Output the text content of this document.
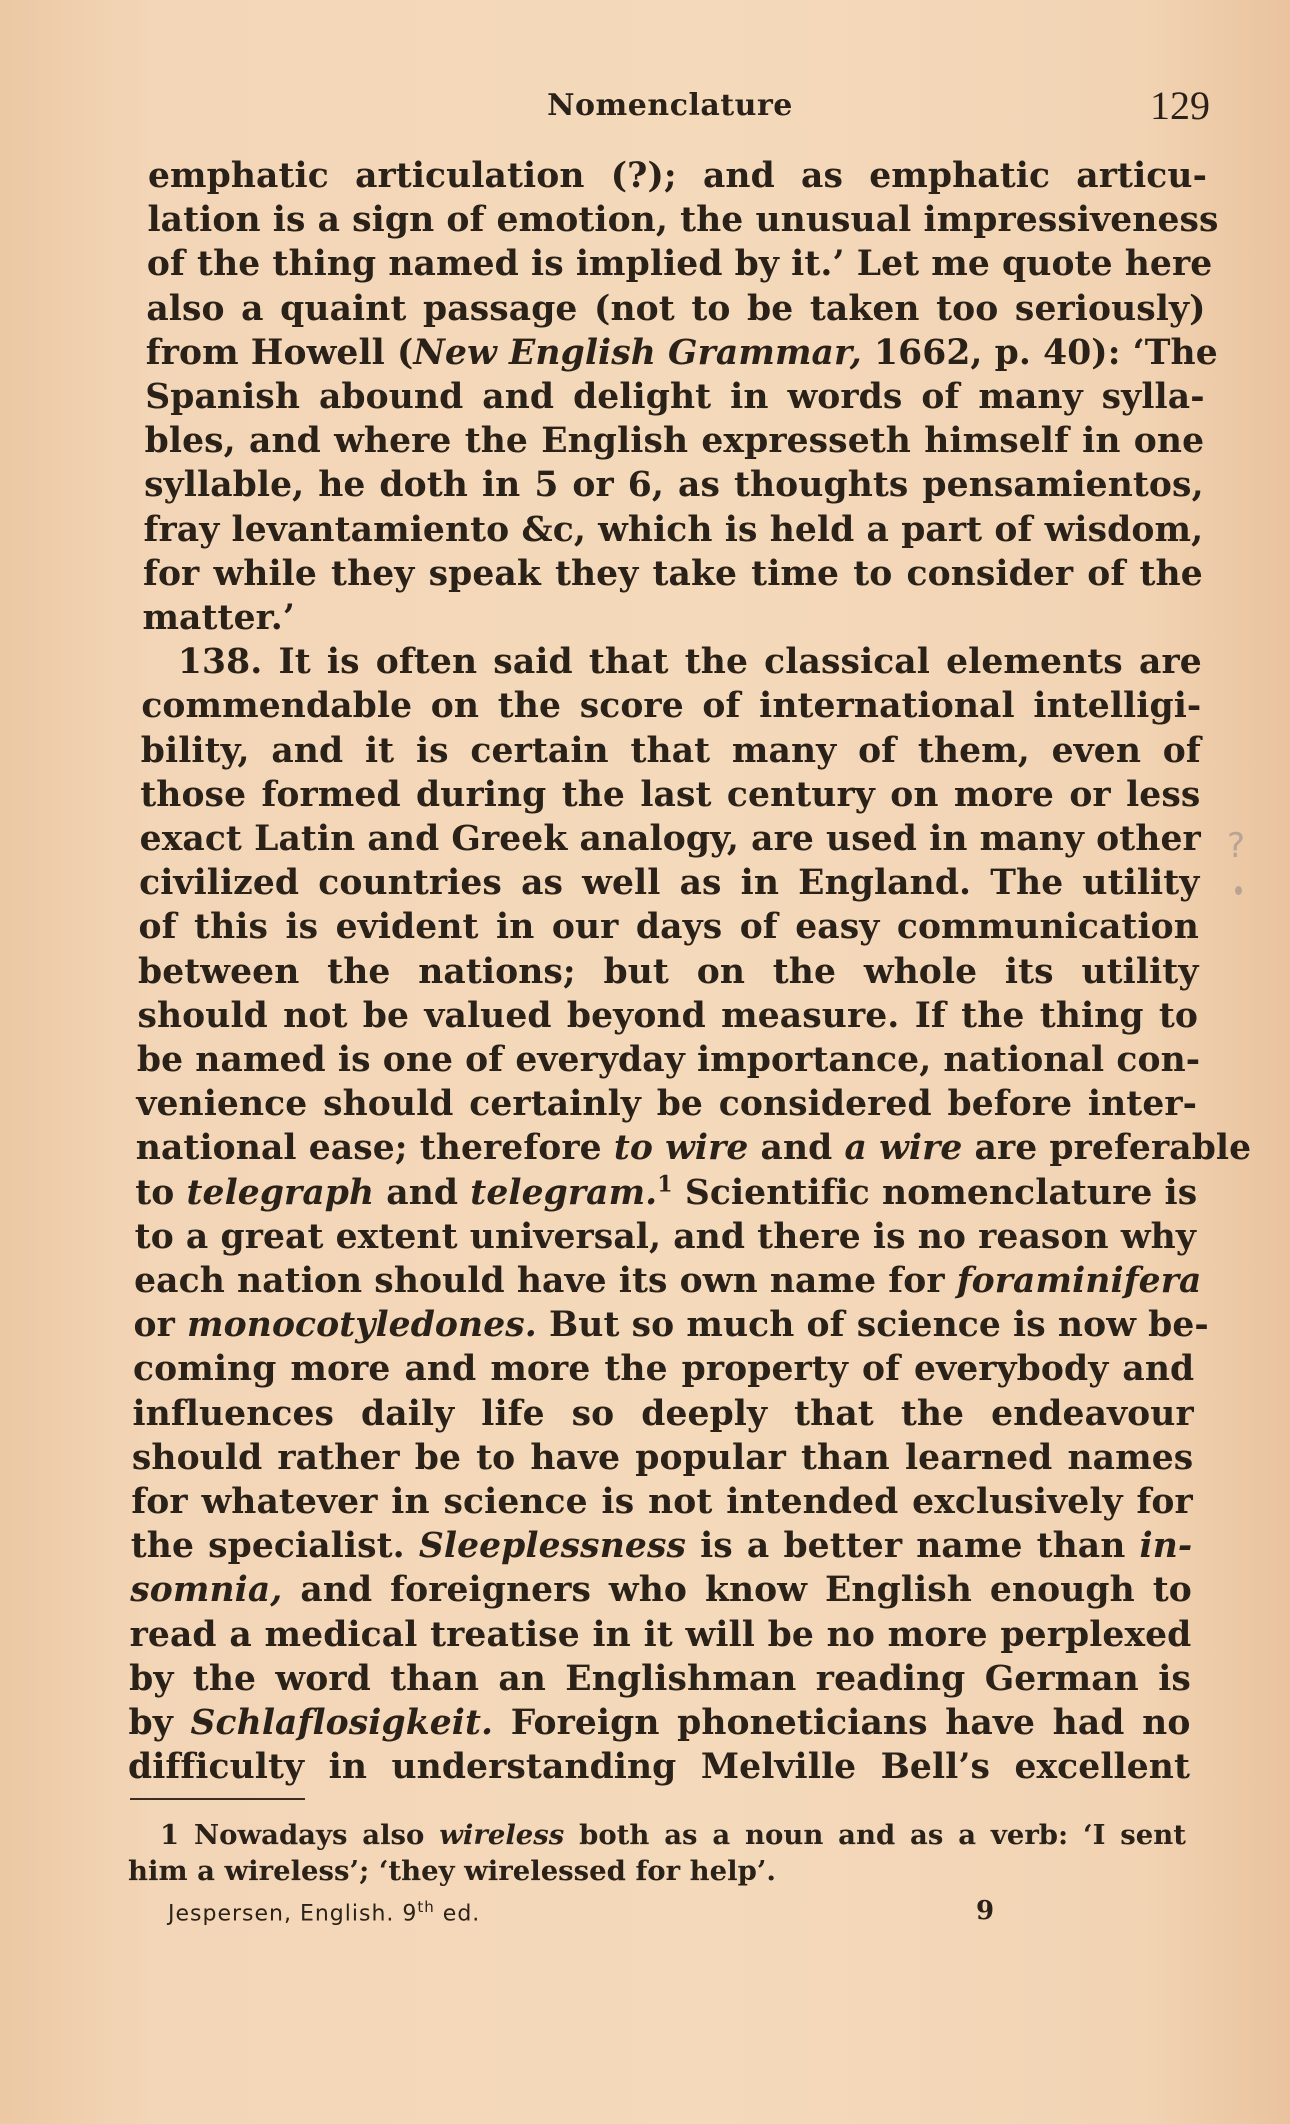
Nomenclature	129
emphatic articulation (?); and as emphatic articu-
lation is a sign of emotion, the unusual impressiveness
of the thing named is implied by it.’ Let me quote here
also a quaint passage (not to be taken too seriously)
from Howell (New English Grammar, 1662, p. 40): ‘The
Spanish abound and delight in words of many sylla-
bles, and where the English expresseth himself in one
syllable, he doth in 5 or 6, as thoughts pensamientos,
fray levantamiento &c, which is held a part of wisdom,
for while they speak they take time to consider of the
matter.’
138. It is often said that the classical elements are
commendable on the score of international intelligi-
bility, and it is certain that many of them, even of
those formed during the last century on more or less
exact Latin and Greek analogy, are used in many other
civilized countries as well as in England. The utility
of this is evident in our days of easy communication
between the nations; but on the whole its utility
should not be valued beyond measure. If the thing to
be named is one of everyday importance, national con-
venience should certainly be considered before inter-
national ease; therefore to wire and a wire are preferable
to telegraph and telegram.$^1$ Scientific nomenclature is
to a great extent universal, and there is no reason why
each nation should have its own name for foraminifera
or monocotyledones. But so much of science is now be-
coming more and more the property of everybody and
influences daily life so deeply that the endeavour
should rather be to have popular than learned names
for whatever in science is not intended exclusively for
the specialist. Sleeplessness is a better name than in-
somnia, and foreigners who know English enough to
read a medical treatise in it will be no more perplexed
by the word than an Englishman reading German is
by Schlaflosigkeit. Foreign phoneticians have had no
difficulty in understanding Melville Bell’s excellent
1 Nowadays also wireless both as a noun and as a verb: ‘I sent
him a wireless’; ‘they wirelessed for help’.
Jespersen, English. 9th ed.	9
?
